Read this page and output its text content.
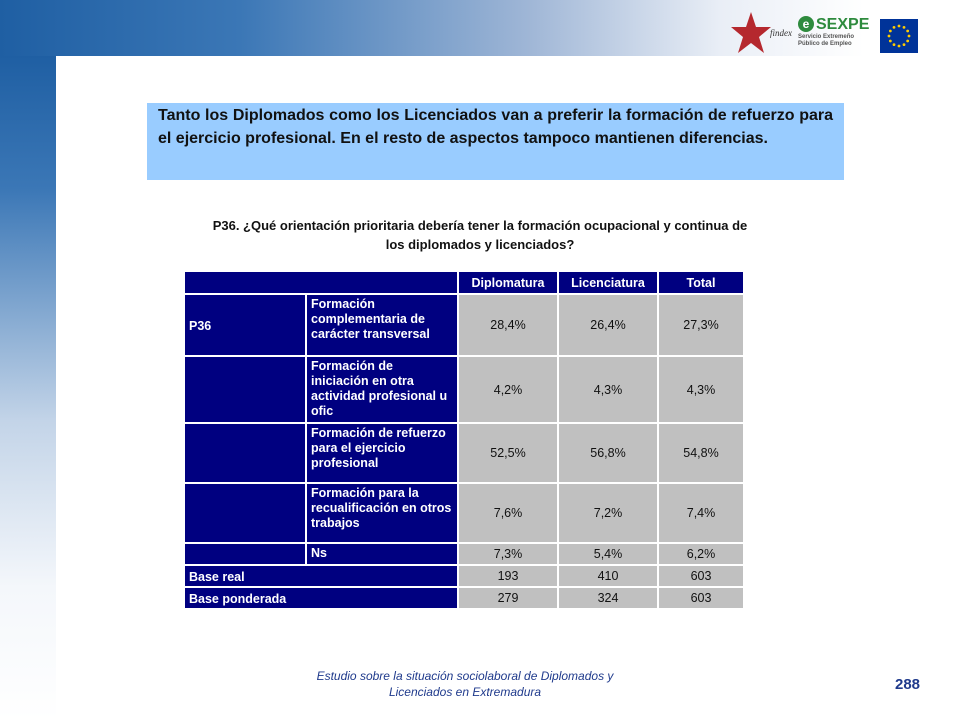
findex
e SEXPE
Servicio Extremeño
Público de Empleo
Tanto los Diplomados como los Licenciados van a preferir la formación de refuerzo para el ejercicio profesional. En el resto de aspectos tampoco mantienen diferencias.
P36. ¿Qué orientación prioritaria debería tener la formación ocupacional y continua de
los diplomados y licenciados?
		Diplomatura	Licenciatura	Total
P36	Formación complementaria de carácter transversal	28,4%	26,4%	27,3%
	Formación de iniciación en otra actividad profesional u ofic	4,2%	4,3%	4,3%
	Formación de refuerzo para el ejercicio profesional	52,5%	56,8%	54,8%
	Formación para la recualificación en otros trabajos	7,6%	7,2%	7,4%
	Ns	7,3%	5,4%	6,2%
Base real		193	410	603
Base ponderada		279	324	603
Estudio sobre la situación sociolaboral de Diplomados y
Licenciados en Extremadura	288
